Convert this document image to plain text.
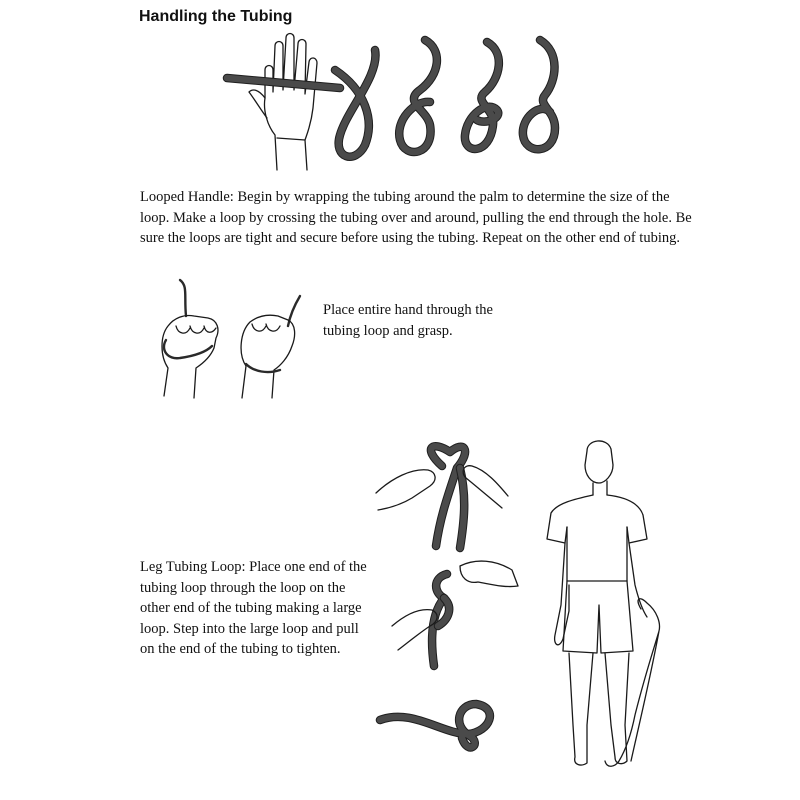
Handling the Tubing

Looped Handle: Begin by wrapping the tubing around the palm to determine the size of the loop. Make a loop by crossing the tubing over and around, pulling the end through the hole. Be sure the loops are tight and secure before using the tubing. Repeat on the other end of tubing.

Place entire hand through the tubing loop and grasp.

Leg Tubing Loop: Place one end of the tubing loop through the loop on the other end of the tubing making a large loop. Step into the large loop and pull on the end of the tubing to tighten.
